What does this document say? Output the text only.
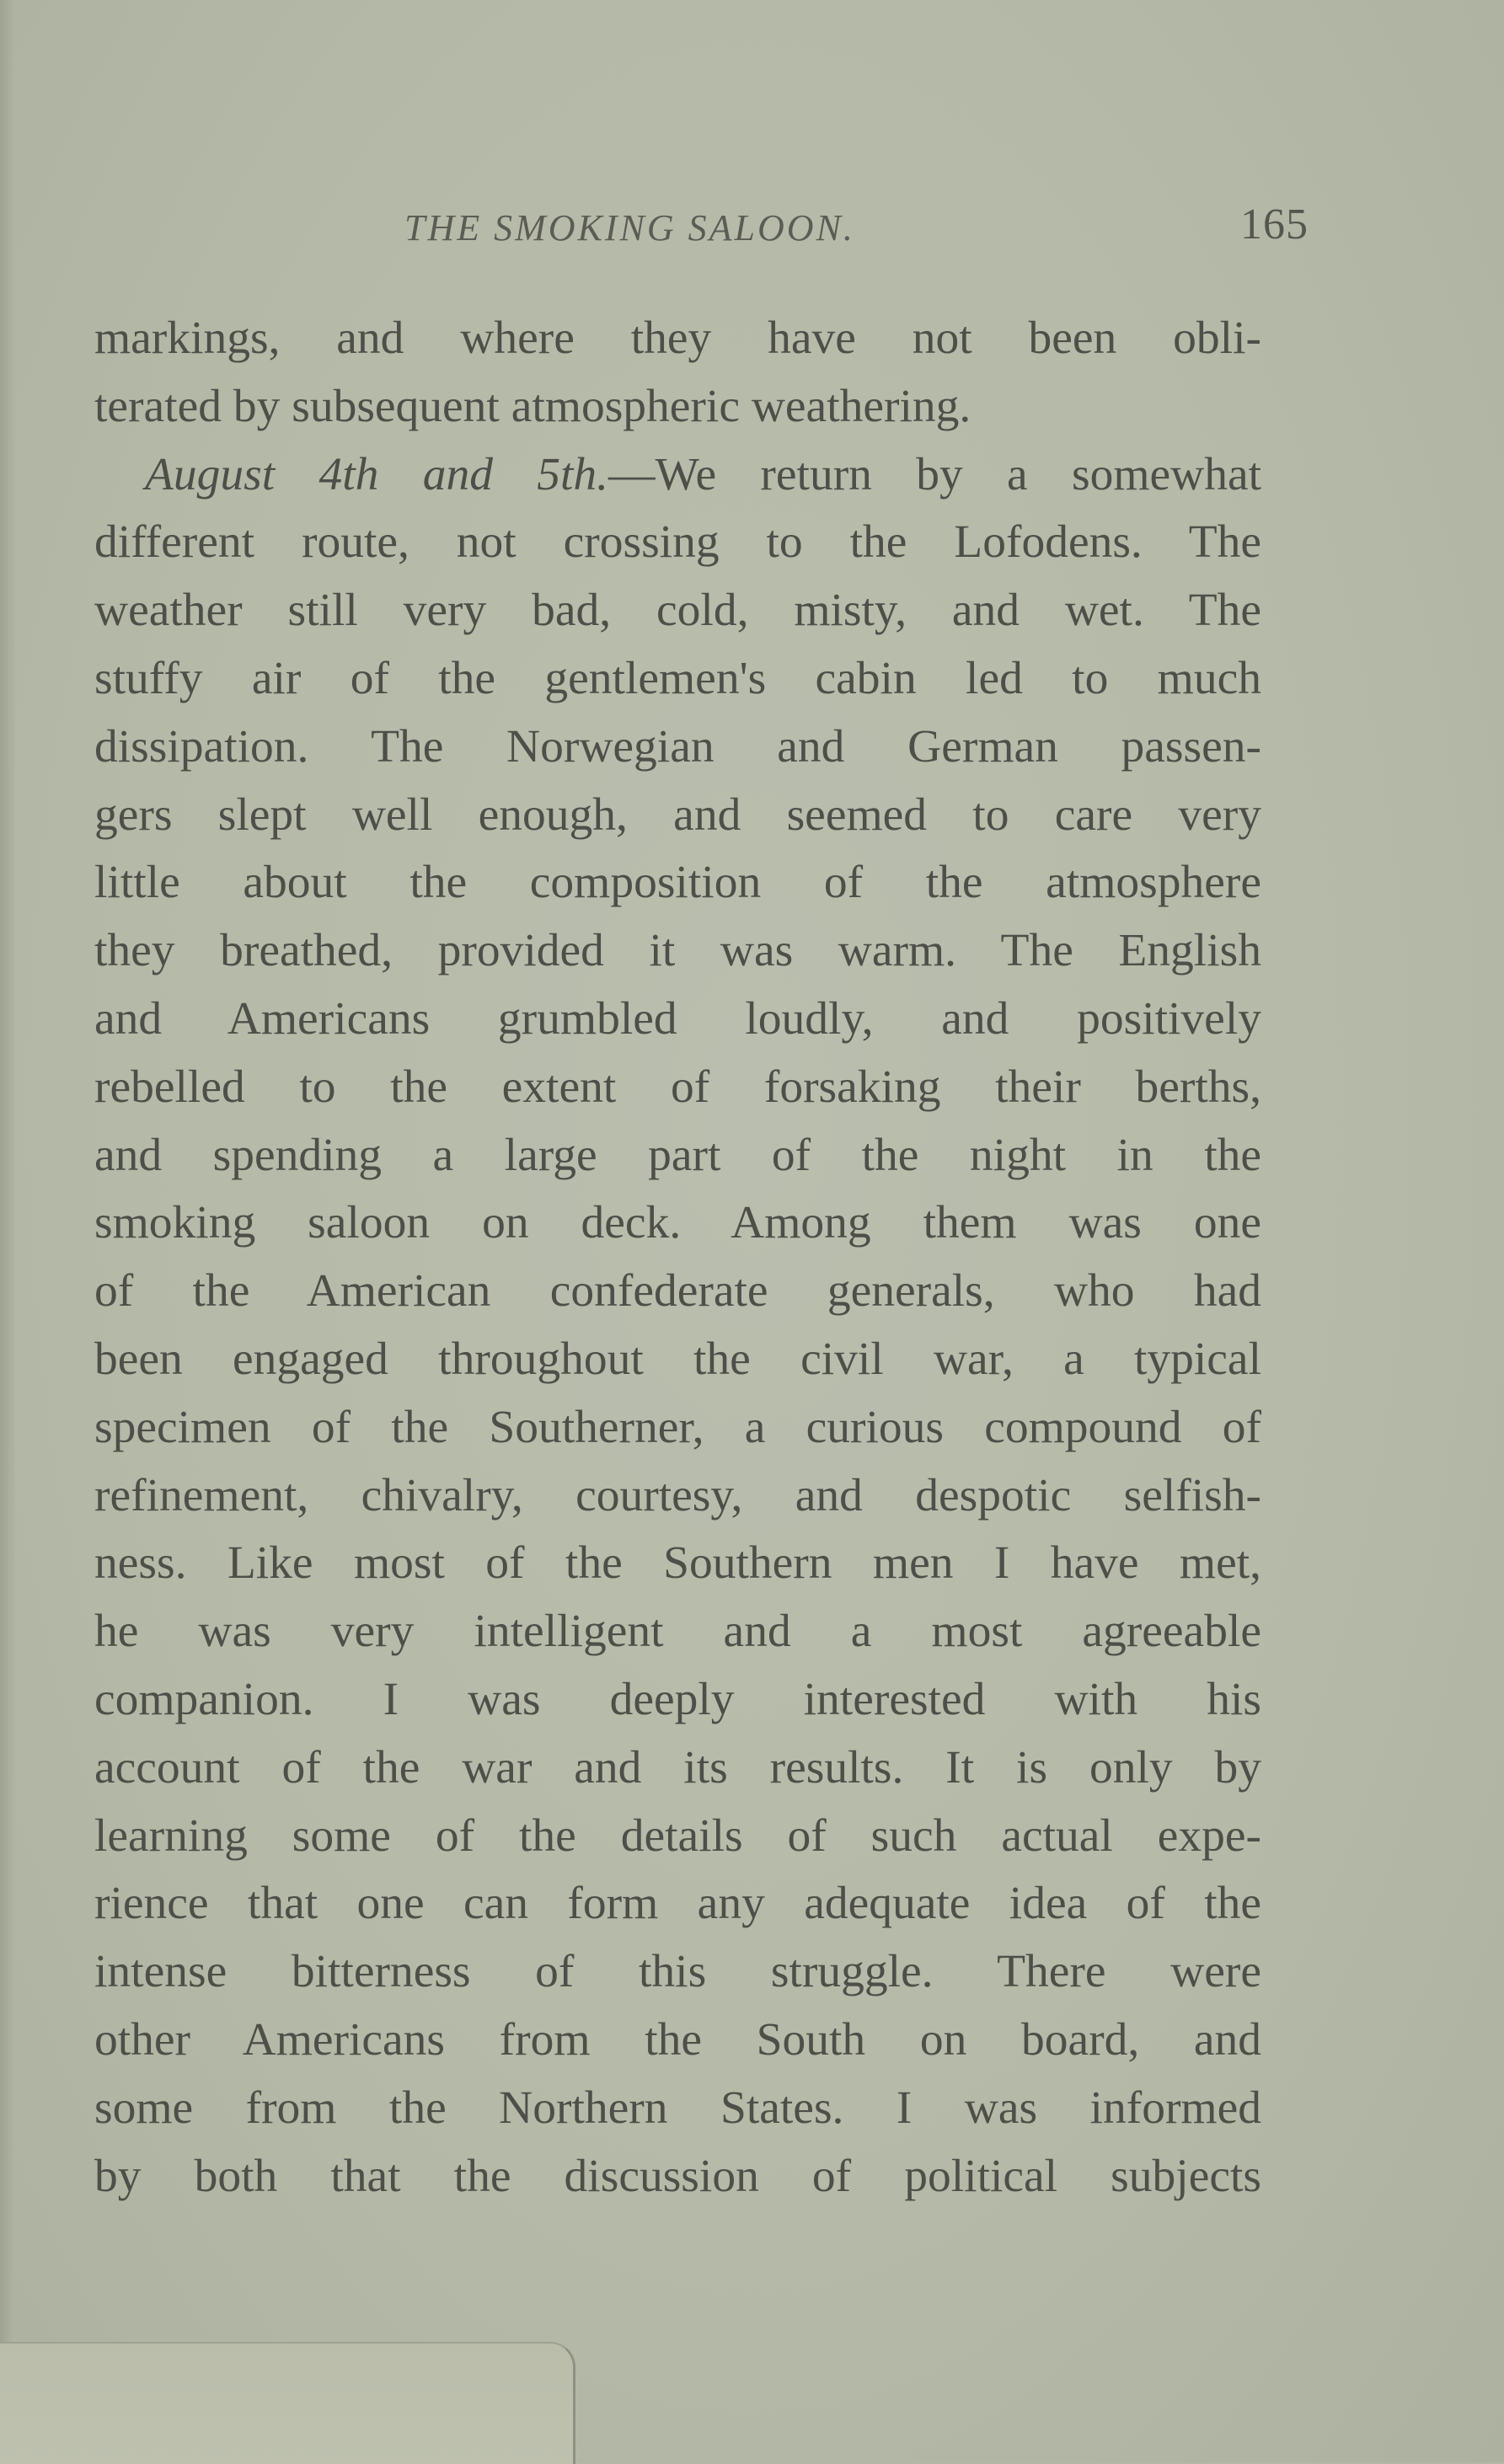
THE SMOKING SALOON.	165
markings, and where they have not been obli-
terated by subsequent atmospheric weathering.
August 4th and 5th.—We return by a somewhat
different route, not crossing to the Lofodens. The
weather still very bad, cold, misty, and wet. The
stuffy air of the gentlemen's cabin led to much
dissipation. The Norwegian and German passen-
gers slept well enough, and seemed to care very
little about the composition of the atmosphere
they breathed, provided it was warm. The English
and Americans grumbled loudly, and positively
rebelled to the extent of forsaking their berths,
and spending a large part of the night in the
smoking saloon on deck. Among them was one
of the American confederate generals, who had
been engaged throughout the civil war, a typical
specimen of the Southerner, a curious compound of
refinement, chivalry, courtesy, and despotic selfish-
ness. Like most of the Southern men I have met,
he was very intelligent and a most agreeable
companion. I was deeply interested with his
account of the war and its results. It is only by
learning some of the details of such actual expe-
rience that one can form any adequate idea of the
intense bitterness of this struggle. There were
other Americans from the South on board, and
some from the Northern States. I was informed
by both that the discussion of political subjects
